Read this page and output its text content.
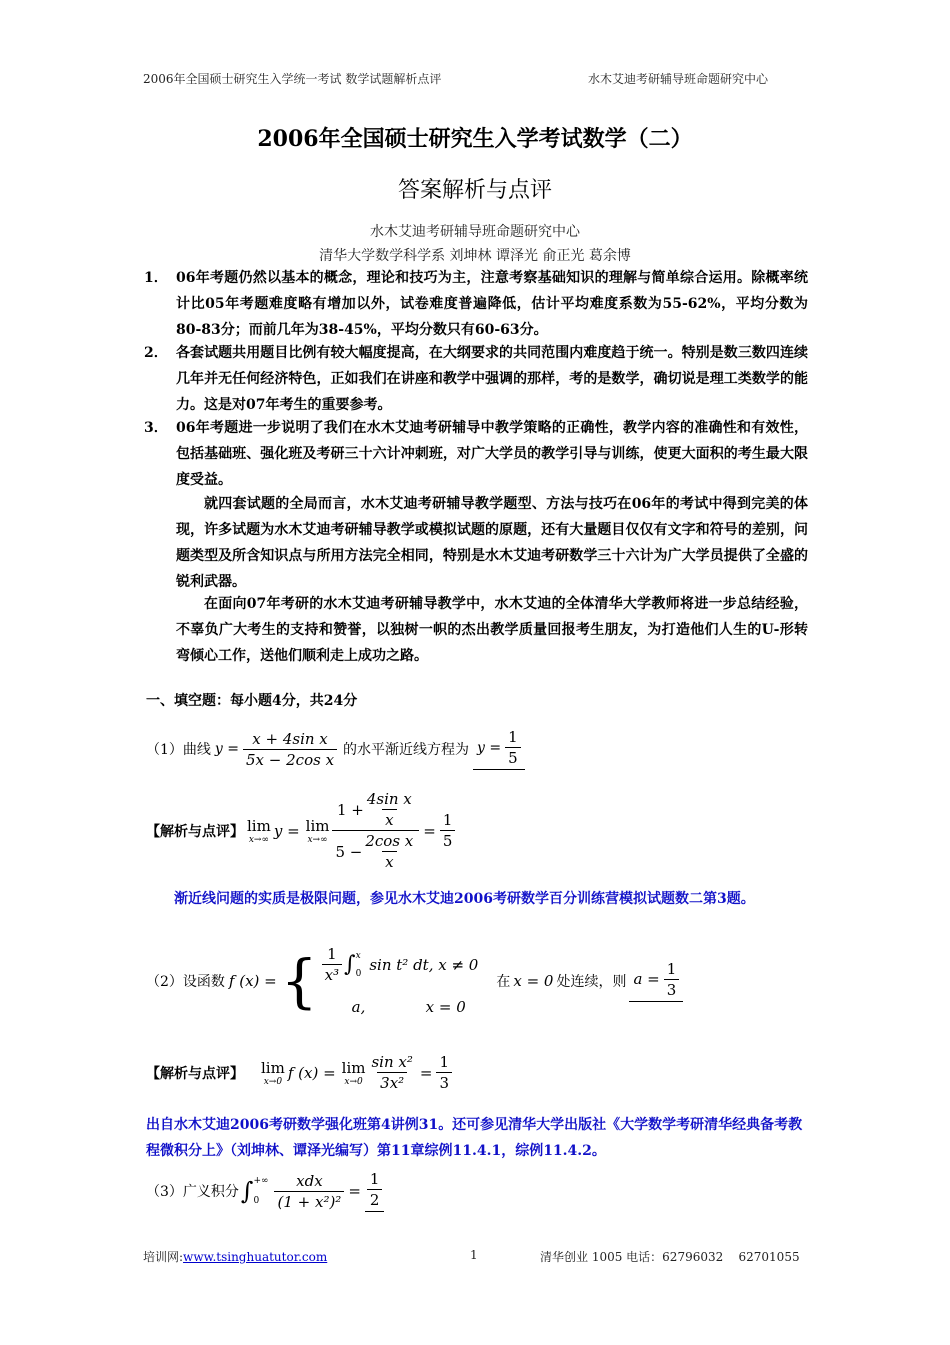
2006年全国硕士研究生入学统一考试 数学试题解析点评	水木艾迪考研辅导班命题研究中心
2006年全国硕士研究生入学考试数学（二）
答案解析与点评
水木艾迪考研辅导班命题研究中心
清华大学数学科学系 刘坤林 谭泽光 俞正光 葛余博
1． 06年考题仍然以基本的概念，理论和技巧为主，注意考察基础知识的理解与简单综合运用。除概率统计比05年考题难度略有增加以外，试卷难度普遍降低，估计平均难度系数为55-62%，平均分数为80-83分；而前几年为38-45%，平均分数只有60-63分。
2． 各套试题共用题目比例有较大幅度提高，在大纲要求的共同范围内难度趋于统一。特别是数三数四连续几年并无任何经济特色，正如我们在讲座和教学中强调的那样，考的是数学，确切说是理工类数学的能力。这是对07年考生的重要参考。
3． 06年考题进一步说明了我们在水木艾迪考研辅导中教学策略的正确性，教学内容的准确性和有效性，包括基础班、强化班及考研三十六计冲刺班，对广大学员的教学引导与训练，使更大面积的考生最大限度受益。
就四套试题的全局而言，水木艾迪考研辅导教学题型、方法与技巧在06年的考试中得到完美的体现，许多试题为水木艾迪考研辅导教学或模拟试题的原题，还有大量题目仅仅有文字和符号的差别，问题类型及所含知识点与所用方法完全相同，特别是水木艾迪考研数学三十六计为广大学员提供了全盛的锐利武器。
在面向07年考研的水木艾迪考研辅导教学中，水木艾迪的全体清华大学教师将进一步总结经验，不辜负广大考生的支持和赞誉，以独树一帜的杰出教学质量回报考生朋友，为打造他们人生的U-形转弯倾心工作，送他们顺利走上成功之路。
一、填空题：每小题4分，共24分
（1）曲线 $y = \frac{\text{x + 4sin x}}{\text{5x − 2cos x}}$ 的水平渐近线方程为 $y = \frac{1}{5}$
【解析与点评】 lim
x→∞ y = lim
$x\to\infty \frac{1 + \frac{\text{4sin x}}{x}}{5 - \frac{\text{2cos x}}{x}} = \frac{1}{5}$
渐近线问题的实质是极限问题，参见水木艾迪2006考研数学百分训练营模拟试题数二第3题。
（2）设函数 f (x) = { $\frac{1}{\text{x³}}$ ∫ x
0 sin t² dt, x ≠ 0
a,	x = 0
在 x = 0 处连续，则 $a = \frac{1}{3}$
【解析与点评】 lim
x→0 f (x) = lim
$x\to 0 \frac{\text{sin x²}}{\text{3x²}} = \frac{1}{3}$
出自水木艾迪2006考研数学强化班第4讲例31。还可参见清华大学出版社《大学数学考研清华经典备考教程微积分上》（刘坤林、谭泽光编写）第11章综例11.4.1，综例11.4.2。
（3）广义积分 ∫ +∞
0	$\frac{\text{xdx}}{\text{(1 + x²)²}} = \frac{1}{2}$
培训网:www.tsinghuatutor.com	1	清华创业 1005 电话：62796032    62701055
